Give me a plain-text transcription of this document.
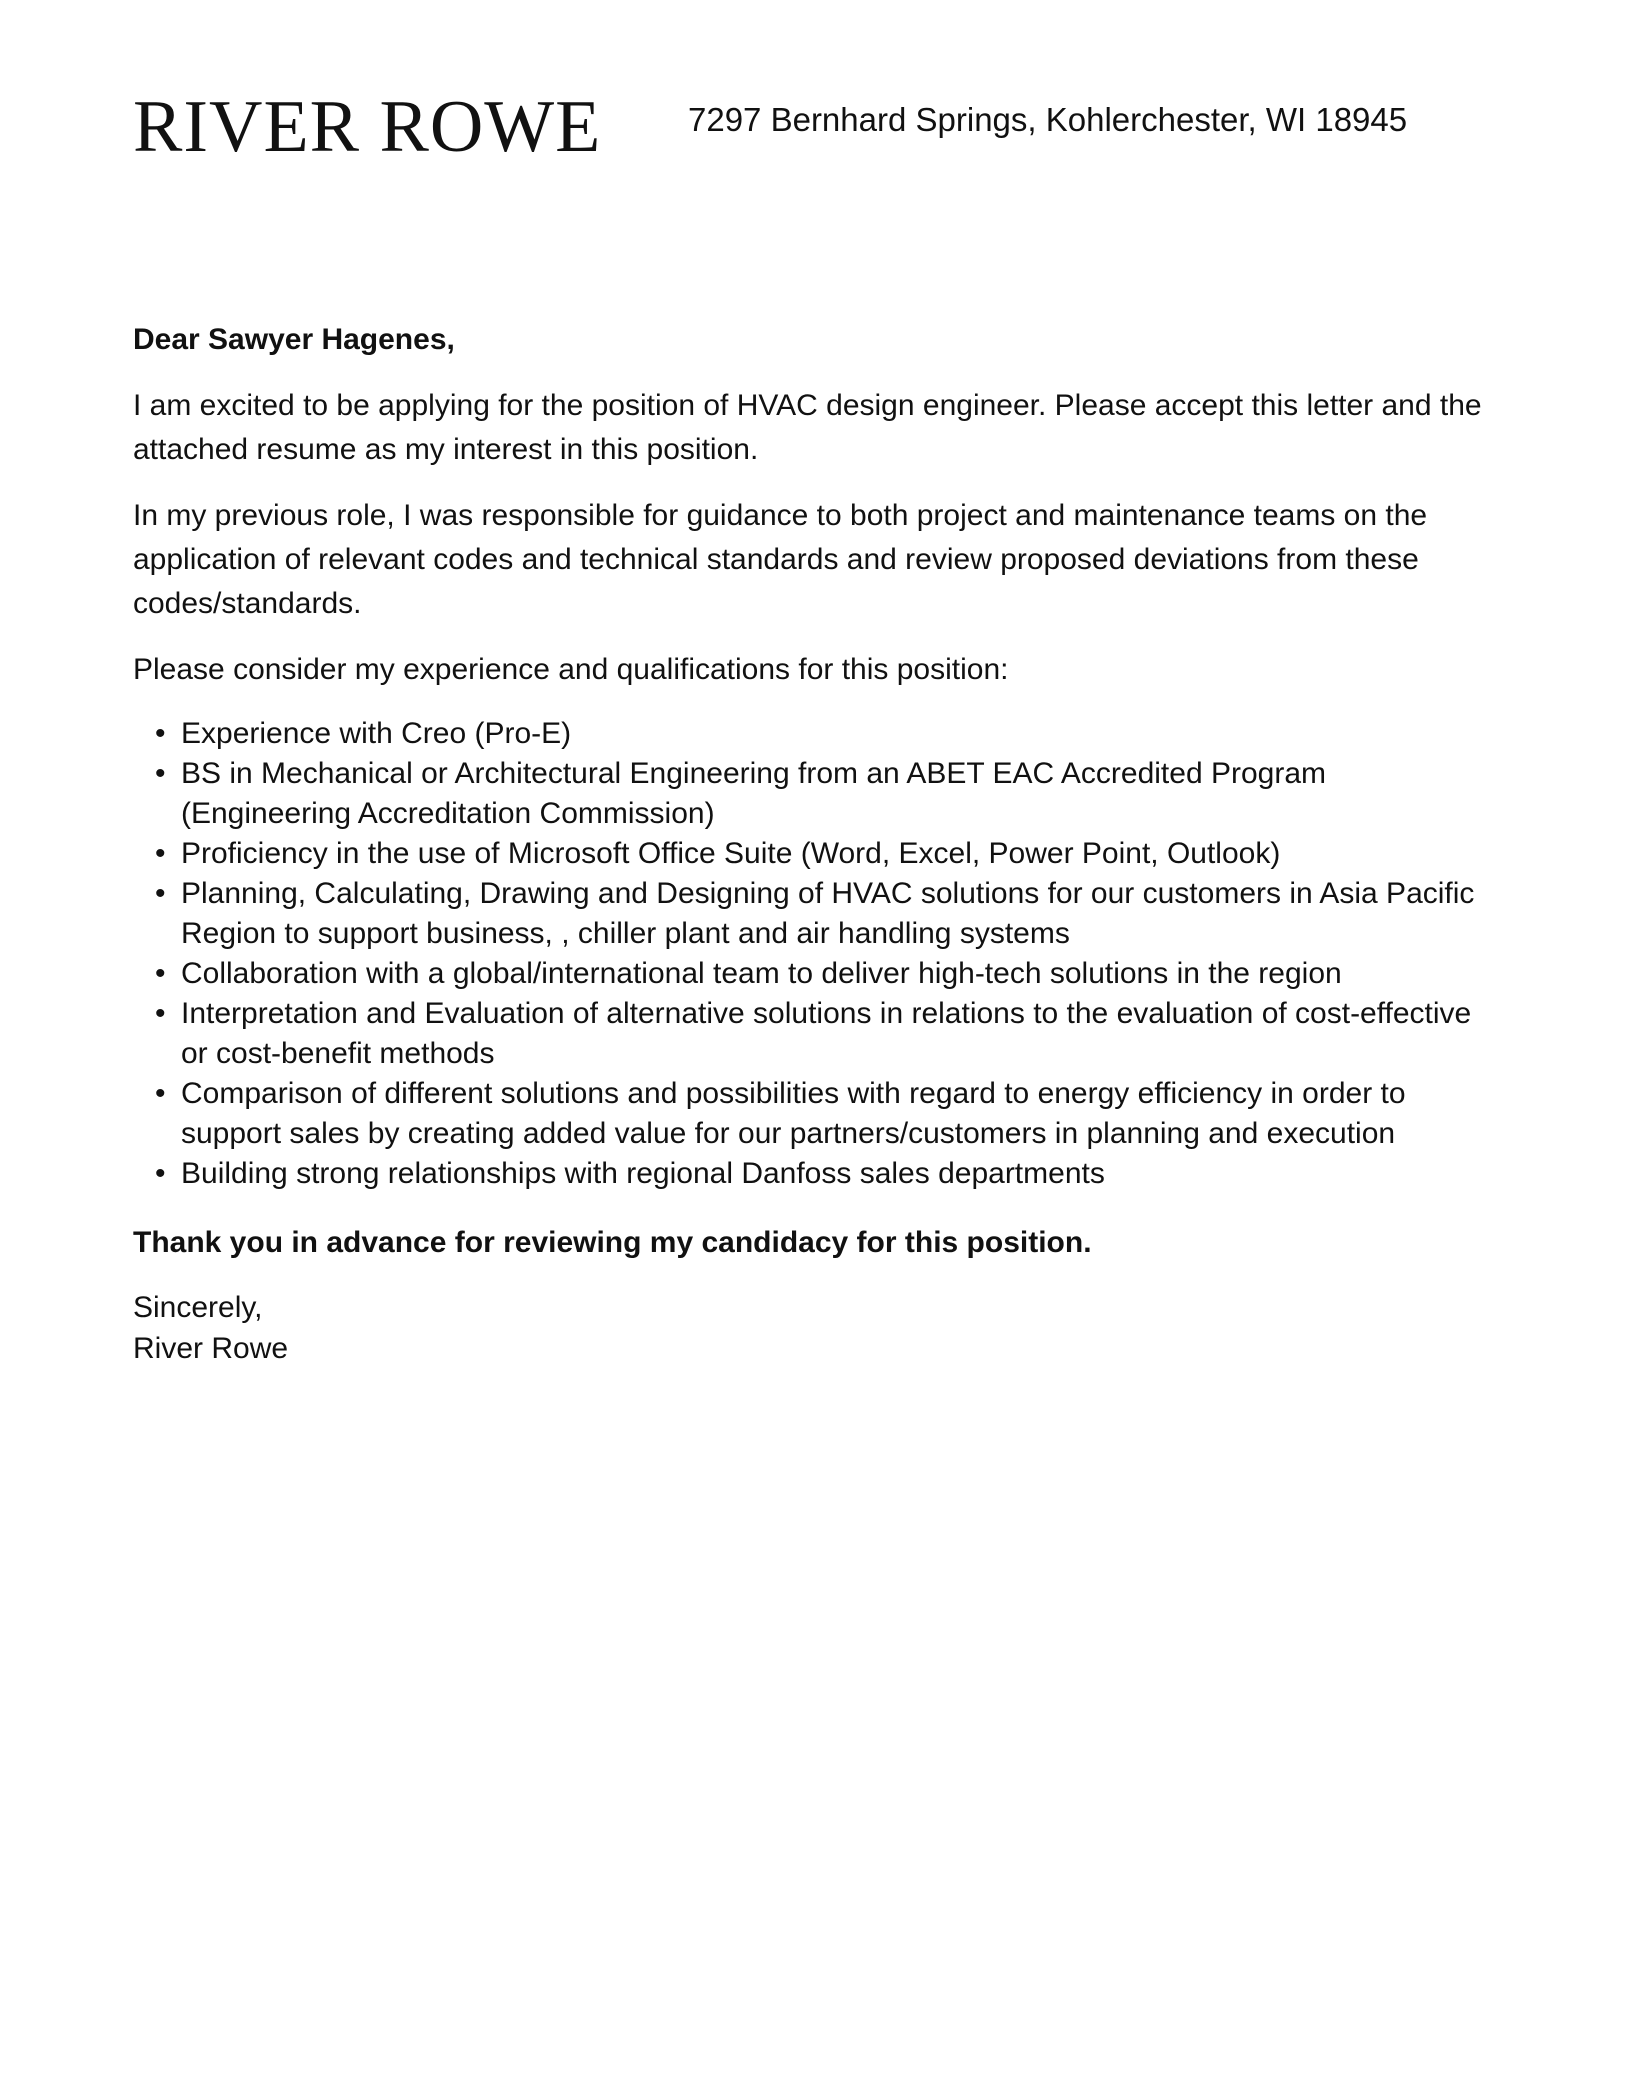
RIVER ROWE	7297 Bernhard Springs, Kohlerchester, WI 18945

Dear Sawyer Hagenes,

I am excited to be applying for the position of HVAC design engineer. Please accept this letter and the attached resume as my interest in this position.

In my previous role, I was responsible for guidance to both project and maintenance teams on the application of relevant codes and technical standards and review proposed deviations from these codes/standards.

Please consider my experience and qualifications for this position:

• Experience with Creo (Pro-E)
• BS in Mechanical or Architectural Engineering from an ABET EAC Accredited Program (Engineering Accreditation Commission)
• Proficiency in the use of Microsoft Office Suite (Word, Excel, Power Point, Outlook)
• Planning, Calculating, Drawing and Designing of HVAC solutions for our customers in Asia Pacific Region to support business, , chiller plant and air handling systems
• Collaboration with a global/international team to deliver high-tech solutions in the region
• Interpretation and Evaluation of alternative solutions in relations to the evaluation of cost-effective or cost-benefit methods
• Comparison of different solutions and possibilities with regard to energy efficiency in order to support sales by creating added value for our partners/customers in planning and execution
• Building strong relationships with regional Danfoss sales departments

Thank you in advance for reviewing my candidacy for this position.

Sincerely,
River Rowe
